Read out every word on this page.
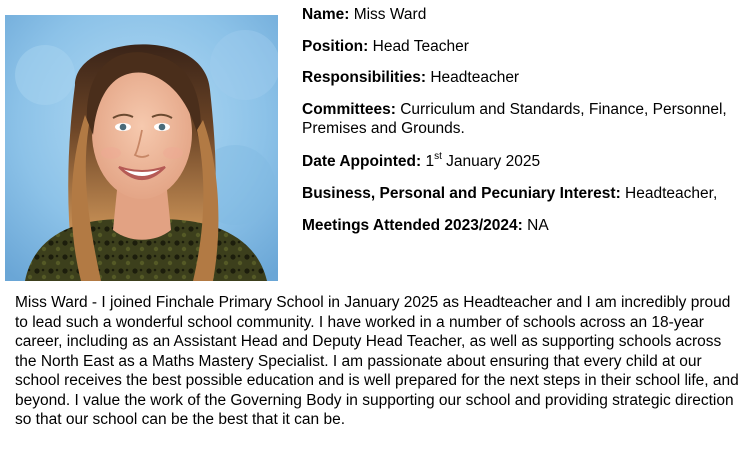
Name: Miss Ward

Position: Head Teacher

Responsibilities: Headteacher

Committees: Curriculum and Standards, Finance, Personnel, Premises and Grounds.

Date Appointed: 1st January 2025

Business, Personal and Pecuniary Interest: Headteacher,

Meetings Attended 2023/2024: NA

Miss Ward - I joined Finchale Primary School in January 2025 as Headteacher and I am incredibly proud to lead such a wonderful school community. I have worked in a number of schools across an 18-year career, including as an Assistant Head and Deputy Head Teacher, as well as supporting schools across the North East as a Maths Mastery Specialist. I am passionate about ensuring that every child at our school receives the best possible education and is well prepared for the next steps in their school life, and beyond. I value the work of the Governing Body in supporting our school and providing strategic direction so that our school can be the best that it can be.
